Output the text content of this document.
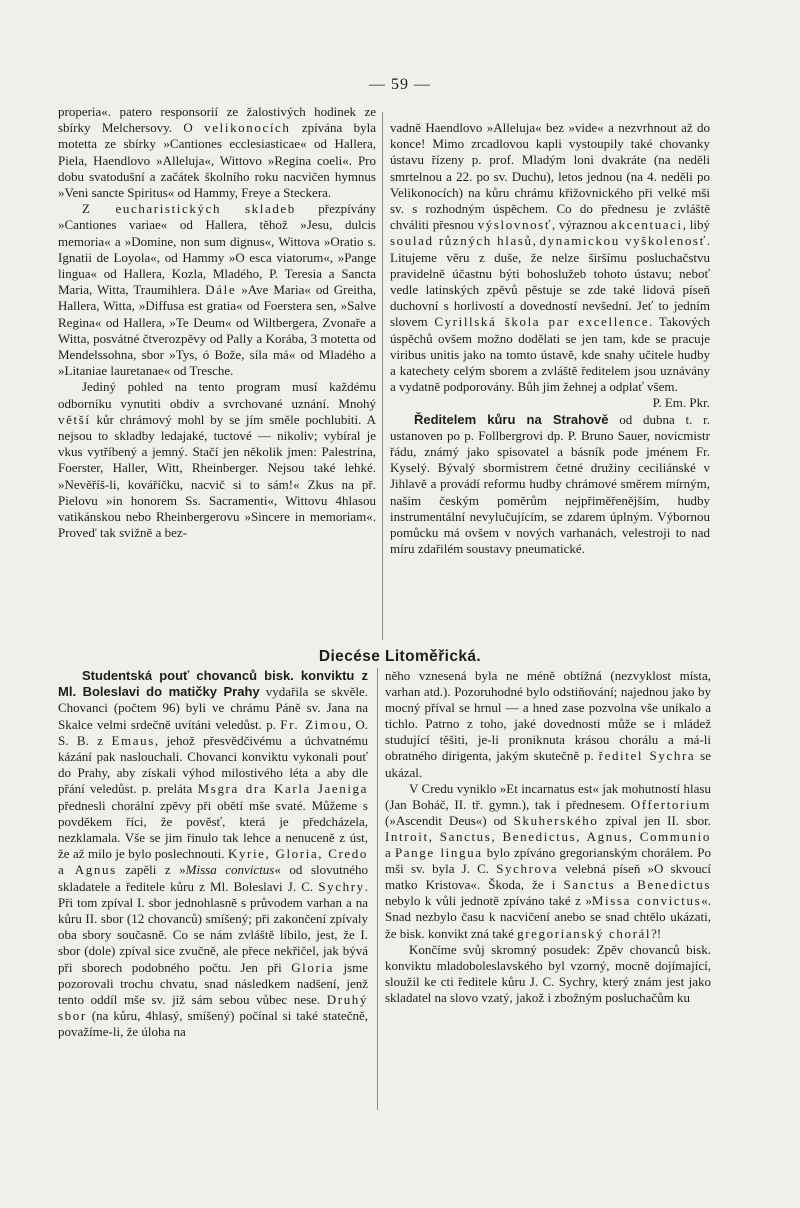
— 59 —

properia«. patero responsorií ze žalostivých hodinek ze sbírky Melchersovy. O velikonocích zpívána byla motetta ze sbírky »Cantiones ecclesiasticae« od Hallera, Piela, Haendlovo »Alleluja«, Wittovo »Regina coeli«. Pro dobu svatodušní a začátek školního roku nacvičen hymnus »Veni sancte Spiritus« od Hammy, Freye a Steckera.

Z eucharistických skladeb přezpívány »Cantiones variae« od Hallera, těhož »Jesu, dulcis memoria« a »Domine, non sum dignus«, Wittova »Oratio s. Ignatii de Loyola«, od Hammy »O esca viatorum«, »Pange lingua« od Hallera, Kozla, Mladého, P. Teresia a Sancta Maria, Witta, Traumihlera. Dále »Ave Maria« od Greitha, Hallera, Witta, »Diffusa est gratia« od Foerstera sen, »Salve Regina« od Hallera, »Te Deum« od Wiltbergera, Zvonaře a Witta, posvátné čtverozpěvy od Pally a Korába, 3 motetta od Mendelssohna, sbor »Tys, ó Bože, síla má« od Mladého a »Litaniae lauretanae« od Tresche.

Jediný pohled na tento program musí každému odborníku vynutiti obdiv a svrchované uznání. Mnohý větší kůr chrámový mohl by se jím směle pochlubiti. A nejsou to skladby ledajaké, tuctové — nikoliv; vybíral je vkus vytříbený a jemný. Stačí jen několik jmen: Palestrina, Foerster, Haller, Witt, Rheinberger. Nejsou také lehké. »Nevěříš-li, kováříčku, nacvič si to sám!« Zkus na př. Pielovu »in honorem Ss. Sacramenti«, Wittovu 4hlasou vatikánskou nebo Rheinbergerovu »Sincere in memoriam«. Proveď tak svižně a bez-

vadně Haendlovo »Alleluja« bez »vide« a nezvrhnout až do konce! Mimo zrcadlovou kapli vystoupily také chovanky ústavu řízeny p. prof. Mladým loni dvakráte (na neděli smrtelnou a 22. po sv. Duchu), letos jednou (na 4. neděli po Velikonocích) na kůru chrámu křižovnického při velké mši sv. s rozhodným úspěchem. Co do přednesu je zvláště chváliti přesnou výslovnosť, výraznou akcentuaci, libý soulad různých hlasů, dynamickou vyškolenosť. Litujeme věru z duše, že nelze širšímu posluchačstvu pravidelně účastnu býti bohoslužeb tohoto ústavu; neboť vedle latinských zpěvů pěstuje se zde také lidová píseň duchovní s horlivostí a dovedností nevšední. Jeť to jedním slovem Cyrillská škola par excellence. Takových úspěchů ovšem možno dodělati se jen tam, kde se pracuje viribus unitis jako na tomto ústavě, kde snahy učitele hudby a katechety celým sborem a zvláště ředitelem jsou uznávány a vydatně podporovány. Bůh jim žehnej a odplať všem.
P. Em. Pkr.

Ředitelem kůru na Strahově od dubna t. r. ustanoven po p. Follbergrovi dp. P. Bruno Sauer, novicmistr řádu, známý jako spisovatel a básník pode jménem Fr. Kyselý. Bývalý sbormistrem četné družiny ceciliánské v Jihlavě a provádí reformu hudby chrámové směrem mírným, našim českým poměrům nejpřiměřenějším, hudby instrumentální nevylučujícím, se zdarem úplným. Výbornou pomůcku má ovšem v nových varhanách, velestroji to nad míru zdařilém soustavy pneumatické.

Diecése Litoměřická.

Studentská pouť chovanců bisk. konviktu z Ml. Boleslavi do matičky Prahy vydařila se skvěle. Chovanci (počtem 96) byli ve chrámu Páně sv. Jana na Skalce velmi srdečně uvítáni veledůst. p. Fr. Zimou, O. S. B. z Emaus, jehož přesvědčivému a úchvatnému kázání pak naslouchali. Chovanci konviktu vykonali pouť do Prahy, aby získali výhod milostivého léta a aby dle přání veledůst. p. preláta Msgra dra Karla Jaeniga přednesli chorální zpěvy při obětí mše svaté. Můžeme s povděkem říci, že pověsť, která je předcházela, nezklamala. Vše se jim řinulo tak lehce a nenuceně z úst, že až milo je bylo poslechnouti. Kyrie, Gloria, Credo a Agnus zapěli z »Missa convictus« od slovutného skladatele a ředitele kůru z Ml. Boleslavi J. C. Sychry. Při tom zpíval I. sbor jednohlasně s průvodem varhan a na kůru II. sbor (12 chovanců) smíšený; při zakončení zpívaly oba sbory současně. Co se nám zvláště líbilo, jest, že I. sbor (dole) zpíval sice zvučně, ale přece nekřičel, jak bývá při sborech podobného počtu. Jen při Gloria jsme pozorovali trochu chvatu, snad následkem nadšení, jenž tento oddíl mše sv. již sám sebou vůbec nese. Druhý sbor (na kůru, 4hlasý, smíšený) počínal si také statečně, považíme-li, že úloha na

něho vznesená byla ne méně obtížná (nezvyklost místa, varhan atd.). Pozoruhodné bylo odstiňování; najednou jako by mocný příval se hrnul — a hned zase pozvolna vše unikalo a tichlo. Patrno z toho, jaké dovednosti může se i mládež studující těšiti, je-li proniknuta krásou chorálu a má-li obratného dirigenta, jakým skutečně p. ředitel Sychra se ukázal.

V Credu vyniklo »Et incarnatus est« jak mohutností hlasu (Jan Boháč, II. tř. gymn.), tak i přednesem. Offertorium (»Ascendit Deus«) od Skuherského zpíval jen II. sbor. Introit, Sanctus, Benedictus, Agnus, Communio a Pange lingua bylo zpíváno gregorianským chorálem. Po mši sv. byla J. C. Sychrova velebná píseň »O skvoucí matko Kristova«. Škoda, že i Sanctus a Benedictus nebylo k vůli jednotě zpíváno také z »Missa convictus«. Snad nezbylo času k nacvičení anebo se snad chtělo ukázati, že bisk. konvikt zná také gregorianský chorál?!

Končíme svůj skromný posudek: Zpěv chovanců bisk. konviktu mladoboleslavského byl vzorný, mocně dojímající, sloužil ke cti ředitele kůru J. C. Sychry, který znám jest jako skladatel na slovo vzatý, jakož i zbožným posluchačům ku
